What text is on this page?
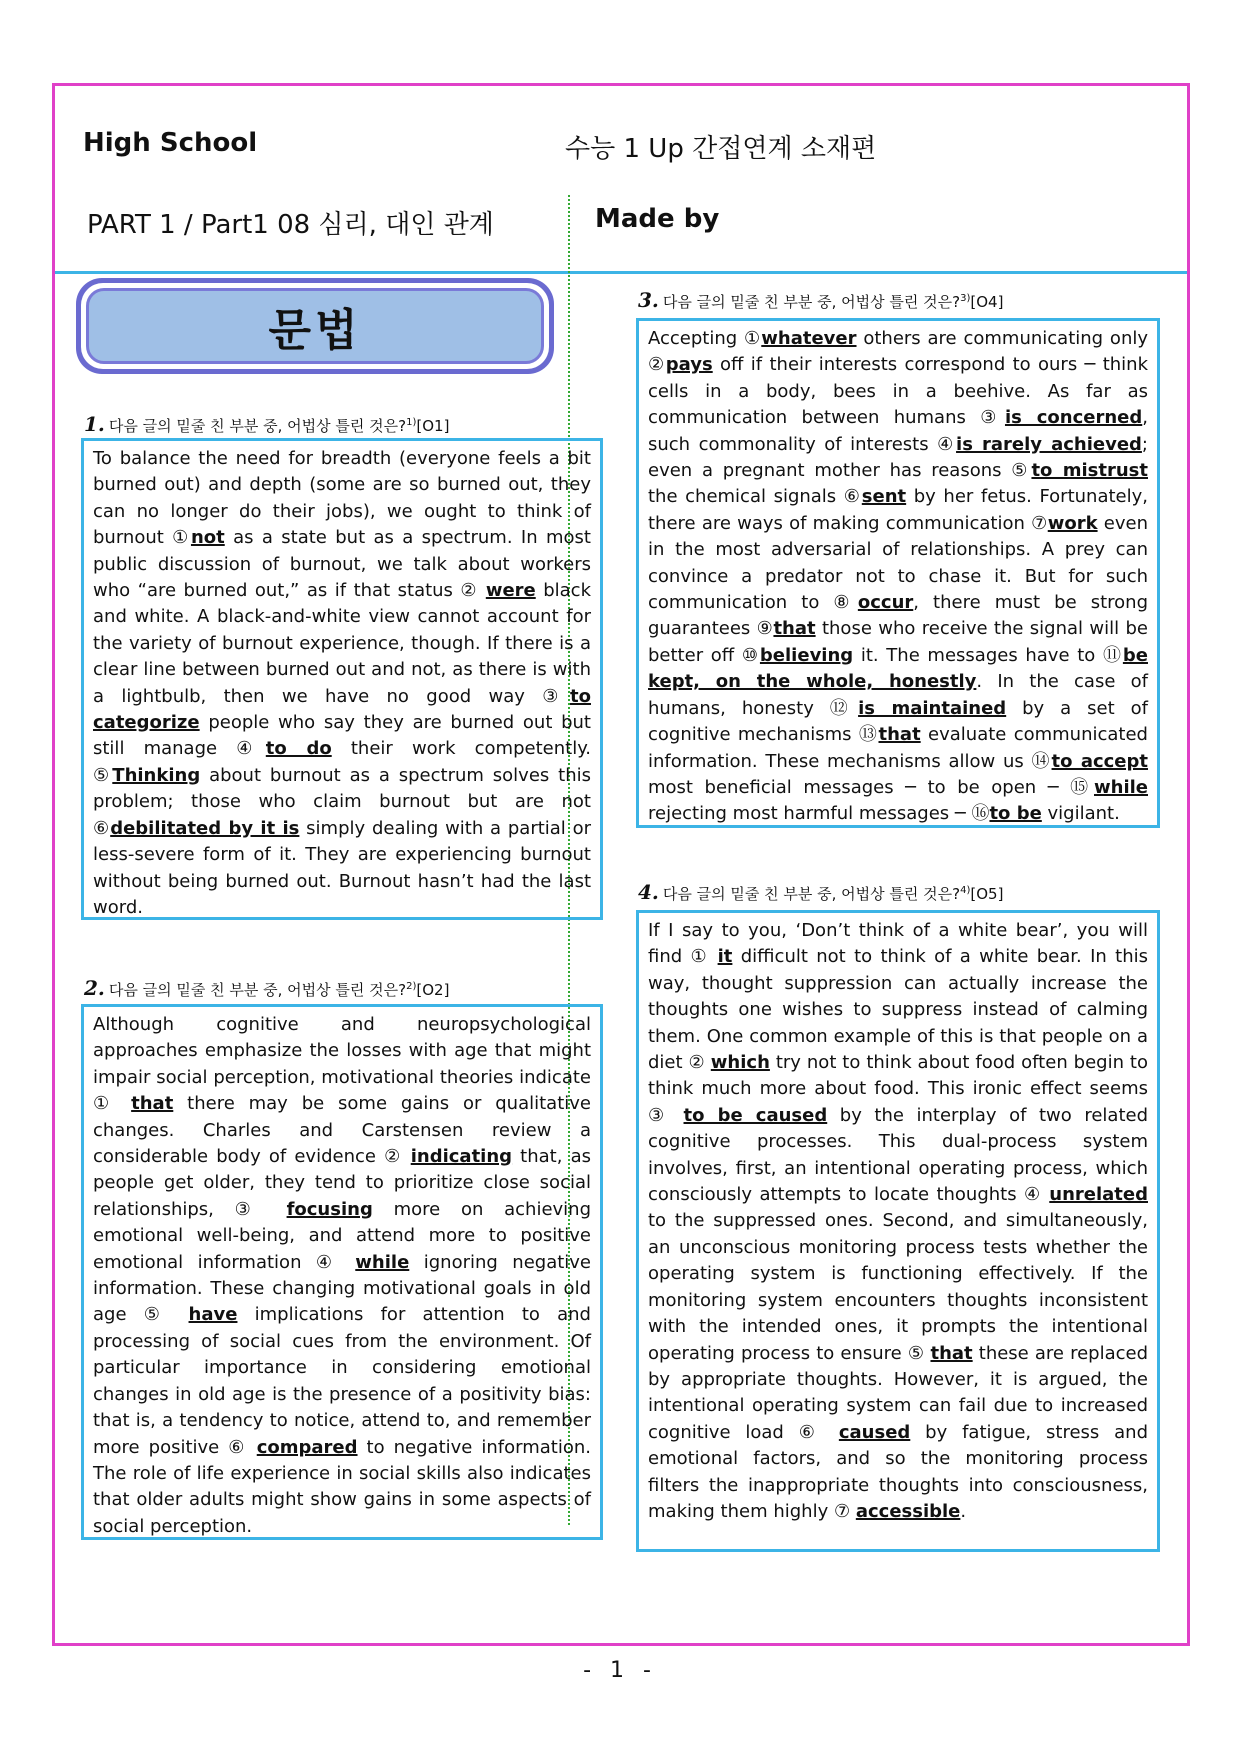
High School	수능 1 Up 간접연계 소재편
PART 1 / Part1 08 심리, 대인 관계	Made by
문법
1. 다음 글의 밑줄 친 부분 중, 어법상 틀린 것은?$^{1)}$[O1]
To balance the need for breadth (everyone feels a bit burned out) and depth (some are so burned out, they can no longer do their jobs), we ought to think of burnout ①not as a state but as a spectrum. In most public discussion of burnout, we talk about workers who “are burned out,” as if that status ② were black and white. A black-and-white view cannot account for the variety of burnout experience, though. If there is a clear line between burned out and not, as there is with a lightbulb, then we have no good way ③to categorize people who say they are burned out but still manage ④to do their work competently. ⑤Thinking about burnout as a spectrum solves this problem; those who claim burnout but are not ⑥debilitated by it is simply dealing with a partial or less-severe form of it. They are experiencing burnout without being burned out. Burnout hasn’t had the last word.
2. 다음 글의 밑줄 친 부분 중, 어법상 틀린 것은?$^{2)}$[O2]
Although cognitive and neuropsychological approaches emphasize the losses with age that might impair social perception, motivational theories indicate ① that there may be some gains or qualitative changes. Charles and Carstensen review a considerable body of evidence ② indicating that, as people get older, they tend to prioritize close social relationships, ③ focusing more on achieving emotional well-being, and attend more to positive emotional information ④ while ignoring negative information. These changing motivational goals in old age ⑤ have implications for attention to and processing of social cues from the environment. Of particular importance in considering emotional changes in old age is the presence of a positivity bias: that is, a tendency to notice, attend to, and remember more positive ⑥ compared to negative information. The role of life experience in social skills also indicates that older adults might show gains in some aspects of social perception.
3. 다음 글의 밑줄 친 부분 중, 어법상 틀린 것은?$^{3)}$[O4]
Accepting ①whatever others are communicating only ②pays off if their interests correspond to ours ─ think cells in a body, bees in a beehive. As far as communication between humans ③is concerned, such commonality of interests ④is rarely achieved; even a pregnant mother has reasons ⑤to mistrust the chemical signals ⑥sent by her fetus. Fortunately, there are ways of making communication ⑦work even in the most adversarial of relationships. A prey can convince a predator not to chase it. But for such communication to ⑧occur, there must be strong guarantees ⑨that those who receive the signal will be better off ⑩believing it. The messages have to ⑪be kept, on the whole, honestly. In the case of humans, honesty ⑫is maintained by a set of cognitive mechanisms ⑬that evaluate communicated information. These mechanisms allow us ⑭to accept most beneficial messages ─ to be open ─ ⑮while rejecting most harmful messages ─ ⑯to be vigilant.
4. 다음 글의 밑줄 친 부분 중, 어법상 틀린 것은?$^{4)}$[O5]
If I say to you, ‘Don’t think of a white bear’, you will find ① it difficult not to think of a white bear. In this way, thought suppression can actually increase the thoughts one wishes to suppress instead of calming them. One common example of this is that people on a diet ② which try not to think about food often begin to think much more about food. This ironic effect seems ③ to be caused by the interplay of two related cognitive processes. This dual-process system involves, first, an intentional operating process, which consciously attempts to locate thoughts ④ unrelated to the suppressed ones. Second, and simultaneously, an unconscious monitoring process tests whether the operating system is functioning effectively. If the monitoring system encounters thoughts inconsistent with the intended ones, it prompts the intentional operating process to ensure ⑤ that these are replaced by appropriate thoughts. However, it is argued, the intentional operating system can fail due to increased cognitive load ⑥ caused by fatigue, stress and emotional factors, and so the monitoring process filters the inappropriate thoughts into consciousness, making them highly ⑦ accessible.
- 1 -
